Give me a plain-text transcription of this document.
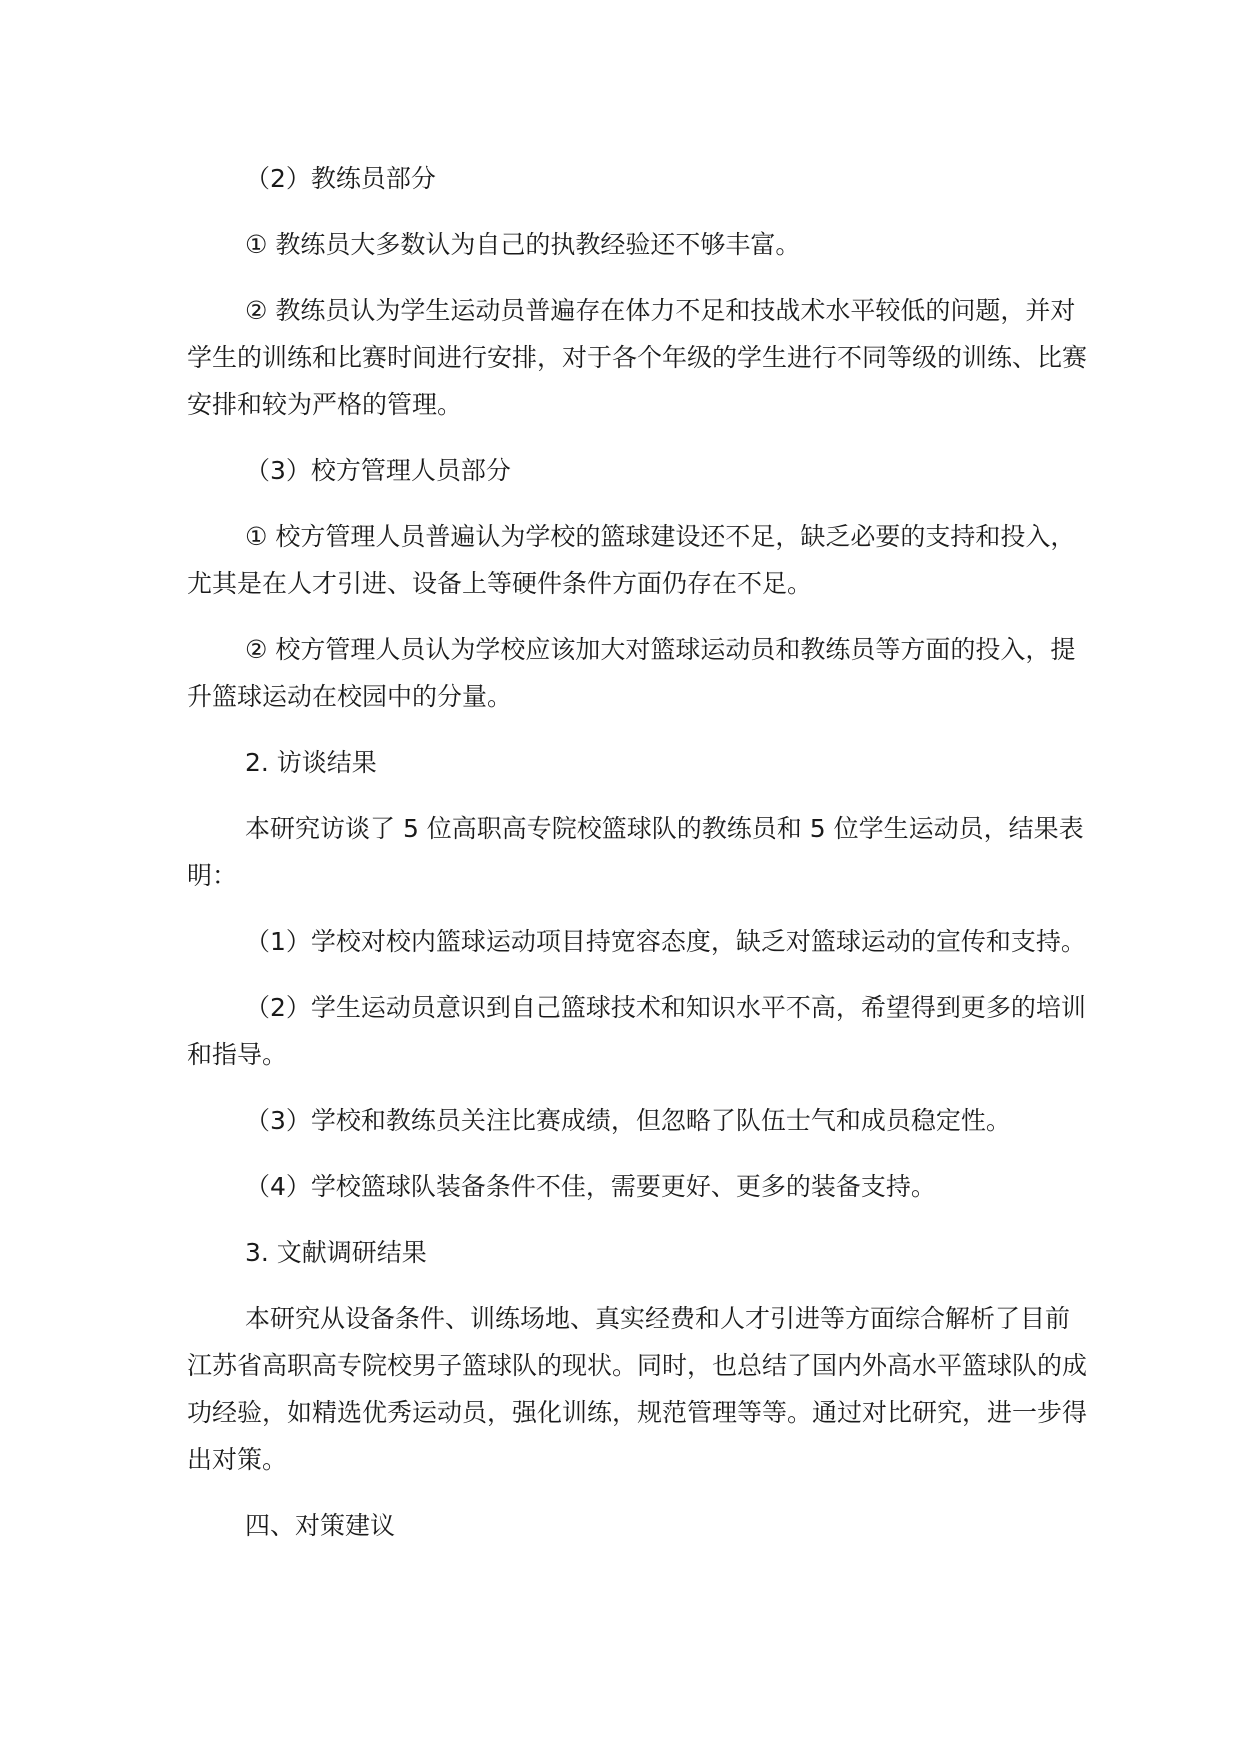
（2）教练员部分

① 教练员大多数认为自己的执教经验还不够丰富。

② 教练员认为学生运动员普遍存在体力不足和技战术水平较低的问题，并对学生的训练和比赛时间进行安排，对于各个年级的学生进行不同等级的训练、比赛安排和较为严格的管理。

（3）校方管理人员部分

① 校方管理人员普遍认为学校的篮球建设还不足，缺乏必要的支持和投入，尤其是在人才引进、设备上等硬件条件方面仍存在不足。

② 校方管理人员认为学校应该加大对篮球运动员和教练员等方面的投入，提升篮球运动在校园中的分量。

2. 访谈结果

本研究访谈了 5 位高职高专院校篮球队的教练员和 5 位学生运动员，结果表明：

（1）学校对校内篮球运动项目持宽容态度，缺乏对篮球运动的宣传和支持。

（2）学生运动员意识到自己篮球技术和知识水平不高，希望得到更多的培训和指导。

（3）学校和教练员关注比赛成绩，但忽略了队伍士气和成员稳定性。

（4）学校篮球队装备条件不佳，需要更好、更多的装备支持。

3. 文献调研结果

本研究从设备条件、训练场地、真实经费和人才引进等方面综合解析了目前江苏省高职高专院校男子篮球队的现状。同时，也总结了国内外高水平篮球队的成功经验，如精选优秀运动员，强化训练，规范管理等等。通过对比研究，进一步得出对策。

四、对策建议
